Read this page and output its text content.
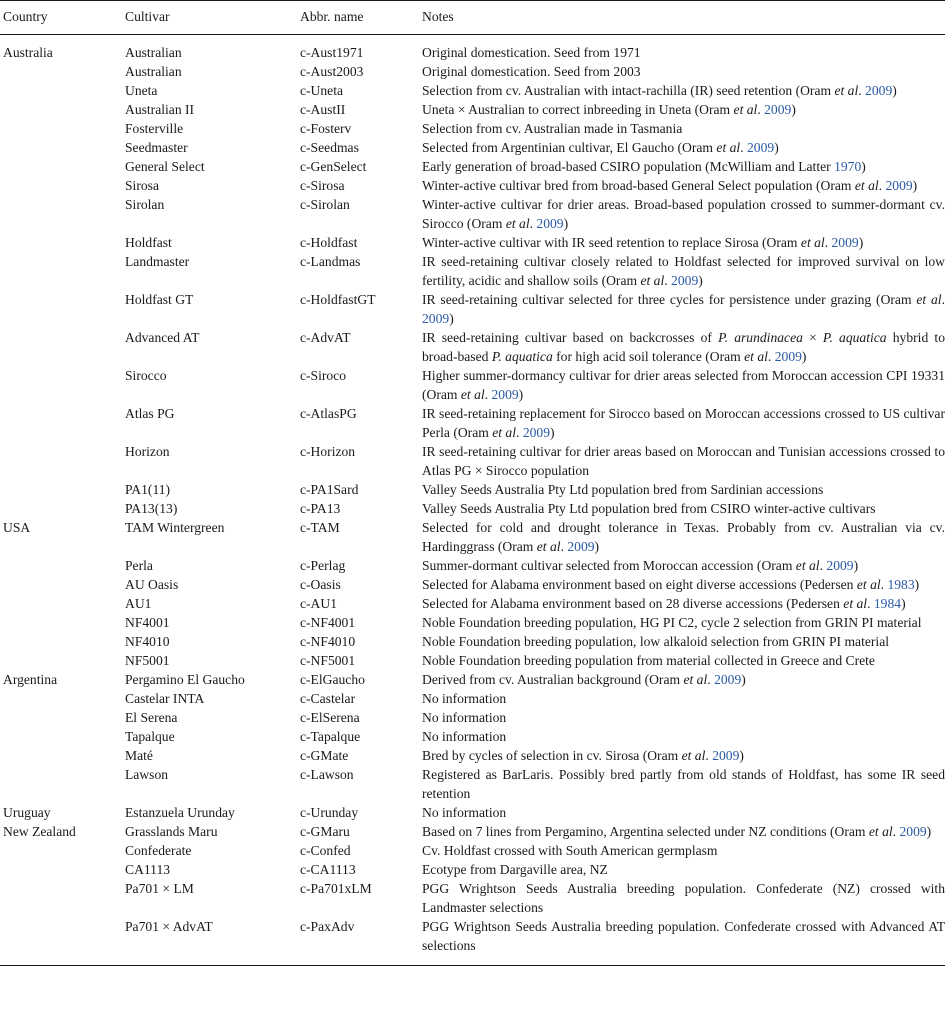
Country	Cultivar	Abbr. name	Notes
Australia	Australian	c-Aust1971	Original domestication. Seed from 1971
	Australian	c-Aust2003	Original domestication. Seed from 2003
	Uneta	c-Uneta	Selection from cv. Australian with intact-rachilla (IR) seed retention (Oram et al. 2009)
	Australian II	c-AustII	Uneta × Australian to correct inbreeding in Uneta (Oram et al. 2009)
	Fosterville	c-Fosterv	Selection from cv. Australian made in Tasmania
	Seedmaster	c-Seedmas	Selected from Argentinian cultivar, El Gaucho (Oram et al. 2009)
	General Select	c-GenSelect	Early generation of broad-based CSIRO population (McWilliam and Latter 1970)
	Sirosa	c-Sirosa	Winter-active cultivar bred from broad-based General Select population (Oram et al. 2009)
	Sirolan	c-Sirolan	Winter-active cultivar for drier areas. Broad-based population crossed to summer-dormant cv. Sirocco (Oram et al. 2009)
	Holdfast	c-Holdfast	Winter-active cultivar with IR seed retention to replace Sirosa (Oram et al. 2009)
	Landmaster	c-Landmas	IR seed-retaining cultivar closely related to Holdfast selected for improved survival on low fertility, acidic and shallow soils (Oram et al. 2009)
	Holdfast GT	c-HoldfastGT	IR seed-retaining cultivar selected for three cycles for persistence under grazing (Oram et al. 2009)
	Advanced AT	c-AdvAT	IR seed-retaining cultivar based on backcrosses of P. arundinacea × P. aquatica hybrid to broad-based P. aquatica for high acid soil tolerance (Oram et al. 2009)
	Sirocco	c-Siroco	Higher summer-dormancy cultivar for drier areas selected from Moroccan accession CPI 19331 (Oram et al. 2009)
	Atlas PG	c-AtlasPG	IR seed-retaining replacement for Sirocco based on Moroccan accessions crossed to US cultivar Perla (Oram et al. 2009)
	Horizon	c-Horizon	IR seed-retaining cultivar for drier areas based on Moroccan and Tunisian accessions crossed to Atlas PG × Sirocco population
	PA1(11)	c-PA1Sard	Valley Seeds Australia Pty Ltd population bred from Sardinian accessions
	PA13(13)	c-PA13	Valley Seeds Australia Pty Ltd population bred from CSIRO winter-active cultivars
USA	TAM Wintergreen	c-TAM	Selected for cold and drought tolerance in Texas. Probably from cv. Australian via cv. Hardinggrass (Oram et al. 2009)
	Perla	c-Perlag	Summer-dormant cultivar selected from Moroccan accession (Oram et al. 2009)
	AU Oasis	c-Oasis	Selected for Alabama environment based on eight diverse accessions (Pedersen et al. 1983)
	AU1	c-AU1	Selected for Alabama environment based on 28 diverse accessions (Pedersen et al. 1984)
	NF4001	c-NF4001	Noble Foundation breeding population, HG PI C2, cycle 2 selection from GRIN PI material
	NF4010	c-NF4010	Noble Foundation breeding population, low alkaloid selection from GRIN PI material
	NF5001	c-NF5001	Noble Foundation breeding population from material collected in Greece and Crete
Argentina	Pergamino El Gaucho	c-ElGaucho	Derived from cv. Australian background (Oram et al. 2009)
	Castelar INTA	c-Castelar	No information
	El Serena	c-ElSerena	No information
	Tapalque	c-Tapalque	No information
	Maté	c-GMate	Bred by cycles of selection in cv. Sirosa (Oram et al. 2009)
	Lawson	c-Lawson	Registered as BarLaris. Possibly bred partly from old stands of Holdfast, has some IR seed retention
Uruguay	Estanzuela Urunday	c-Urunday	No information
New Zealand	Grasslands Maru	c-GMaru	Based on 7 lines from Pergamino, Argentina selected under NZ conditions (Oram et al. 2009)
	Confederate	c-Confed	Cv. Holdfast crossed with South American germplasm
	CA1113	c-CA1113	Ecotype from Dargaville area, NZ
	Pa701 × LM	c-Pa701xLM	PGG Wrightson Seeds Australia breeding population. Confederate (NZ) crossed with Landmaster selections
	Pa701 × AdvAT	c-PaxAdv	PGG Wrightson Seeds Australia breeding population. Confederate crossed with Advanced AT selections
